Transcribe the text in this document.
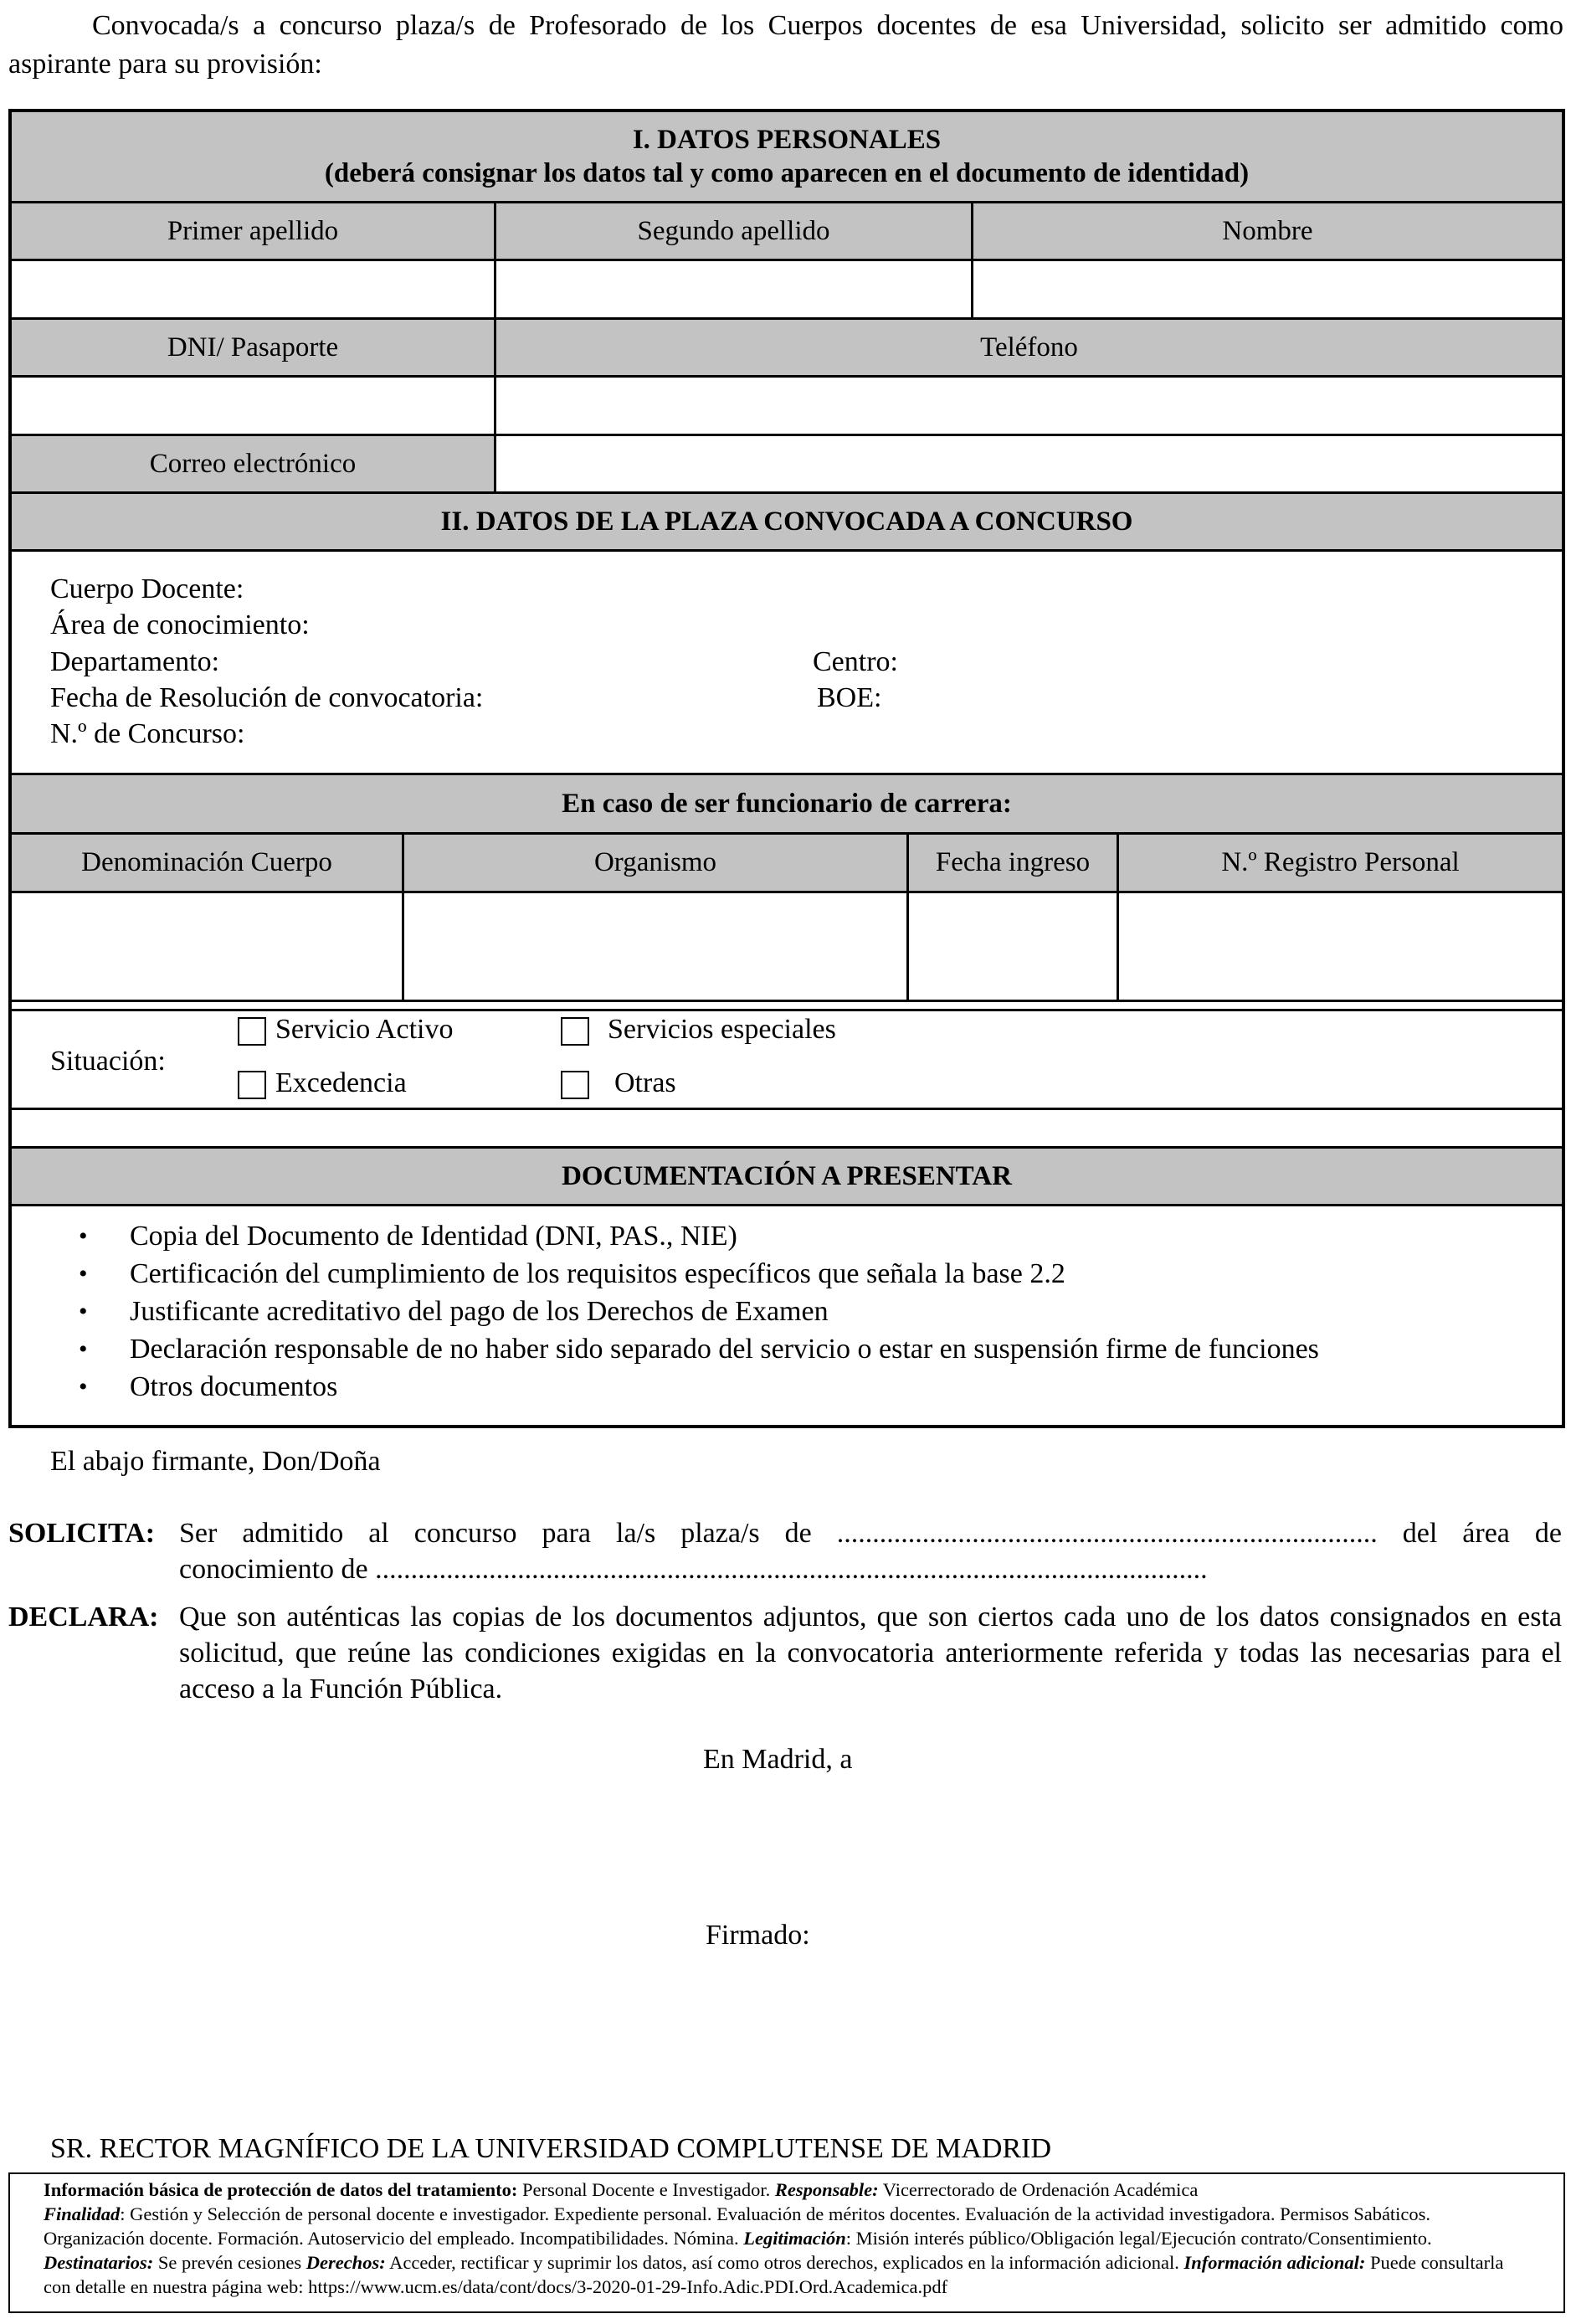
Convocada/s a concurso plaza/s de Profesorado de los Cuerpos docentes de esa Universidad, solicito ser admitido como aspirante para su provisión:
I. DATOS PERSONALES
(deberá consignar los datos tal y como aparecen en el documento de identidad)
Primer apellido	Segundo apellido	Nombre
DNI/ Pasaporte	Teléfono
Correo electrónico
II. DATOS DE LA PLAZA CONVOCADA A CONCURSO
Cuerpo Docente:
Área de conocimiento:
Departamento:	Centro:
Fecha de Resolución de convocatoria:	BOE:
N.º de Concurso:
En caso de ser funcionario de carrera:
Denominación Cuerpo	Organismo	Fecha ingreso	N.º Registro Personal
Situación:
Servicio Activo	Servicios especiales
Excedencia	Otras
DOCUMENTACIÓN A PRESENTAR
• Copia del Documento de Identidad (DNI, PAS., NIE)
• Certificación del cumplimiento de los requisitos específicos que señala la base 2.2
• Justificante acreditativo del pago de los Derechos de Examen
• Declaración responsable de no haber sido separado del servicio o estar en suspensión firme de funciones
• Otros documentos
El abajo firmante, Don/Doña
SOLICITA: Ser admitido al concurso para la/s plaza/s de ............................................................................ del área de
conocimiento de .....................................................................................................................
DECLARA: Que son auténticas las copias de los documentos adjuntos, que son ciertos cada uno de los datos consignados en esta solicitud, que reúne las condiciones exigidas en la convocatoria anteriormente referida y todas las necesarias para el acceso a la Función Pública.
En Madrid, a
Firmado:
SR. RECTOR MAGNÍFICO DE LA UNIVERSIDAD COMPLUTENSE DE MADRID
Información básica de protección de datos del tratamiento: Personal Docente e Investigador. Responsable: Vicerrectorado de Ordenación Académica
Finalidad: Gestión y Selección de personal docente e investigador. Expediente personal. Evaluación de méritos docentes. Evaluación de la actividad investigadora. Permisos Sabáticos. Organización docente. Formación. Autoservicio del empleado. Incompatibilidades. Nómina. Legitimación: Misión interés público/Obligación legal/Ejecución contrato/Consentimiento. Destinatarios: Se prevén cesiones Derechos: Acceder, rectificar y suprimir los datos, así como otros derechos, explicados en la información adicional. Información adicional: Puede consultarla con detalle en nuestra página web: https://www.ucm.es/data/cont/docs/3-2020-01-29-Info.Adic.PDI.Ord.Academica.pdf
